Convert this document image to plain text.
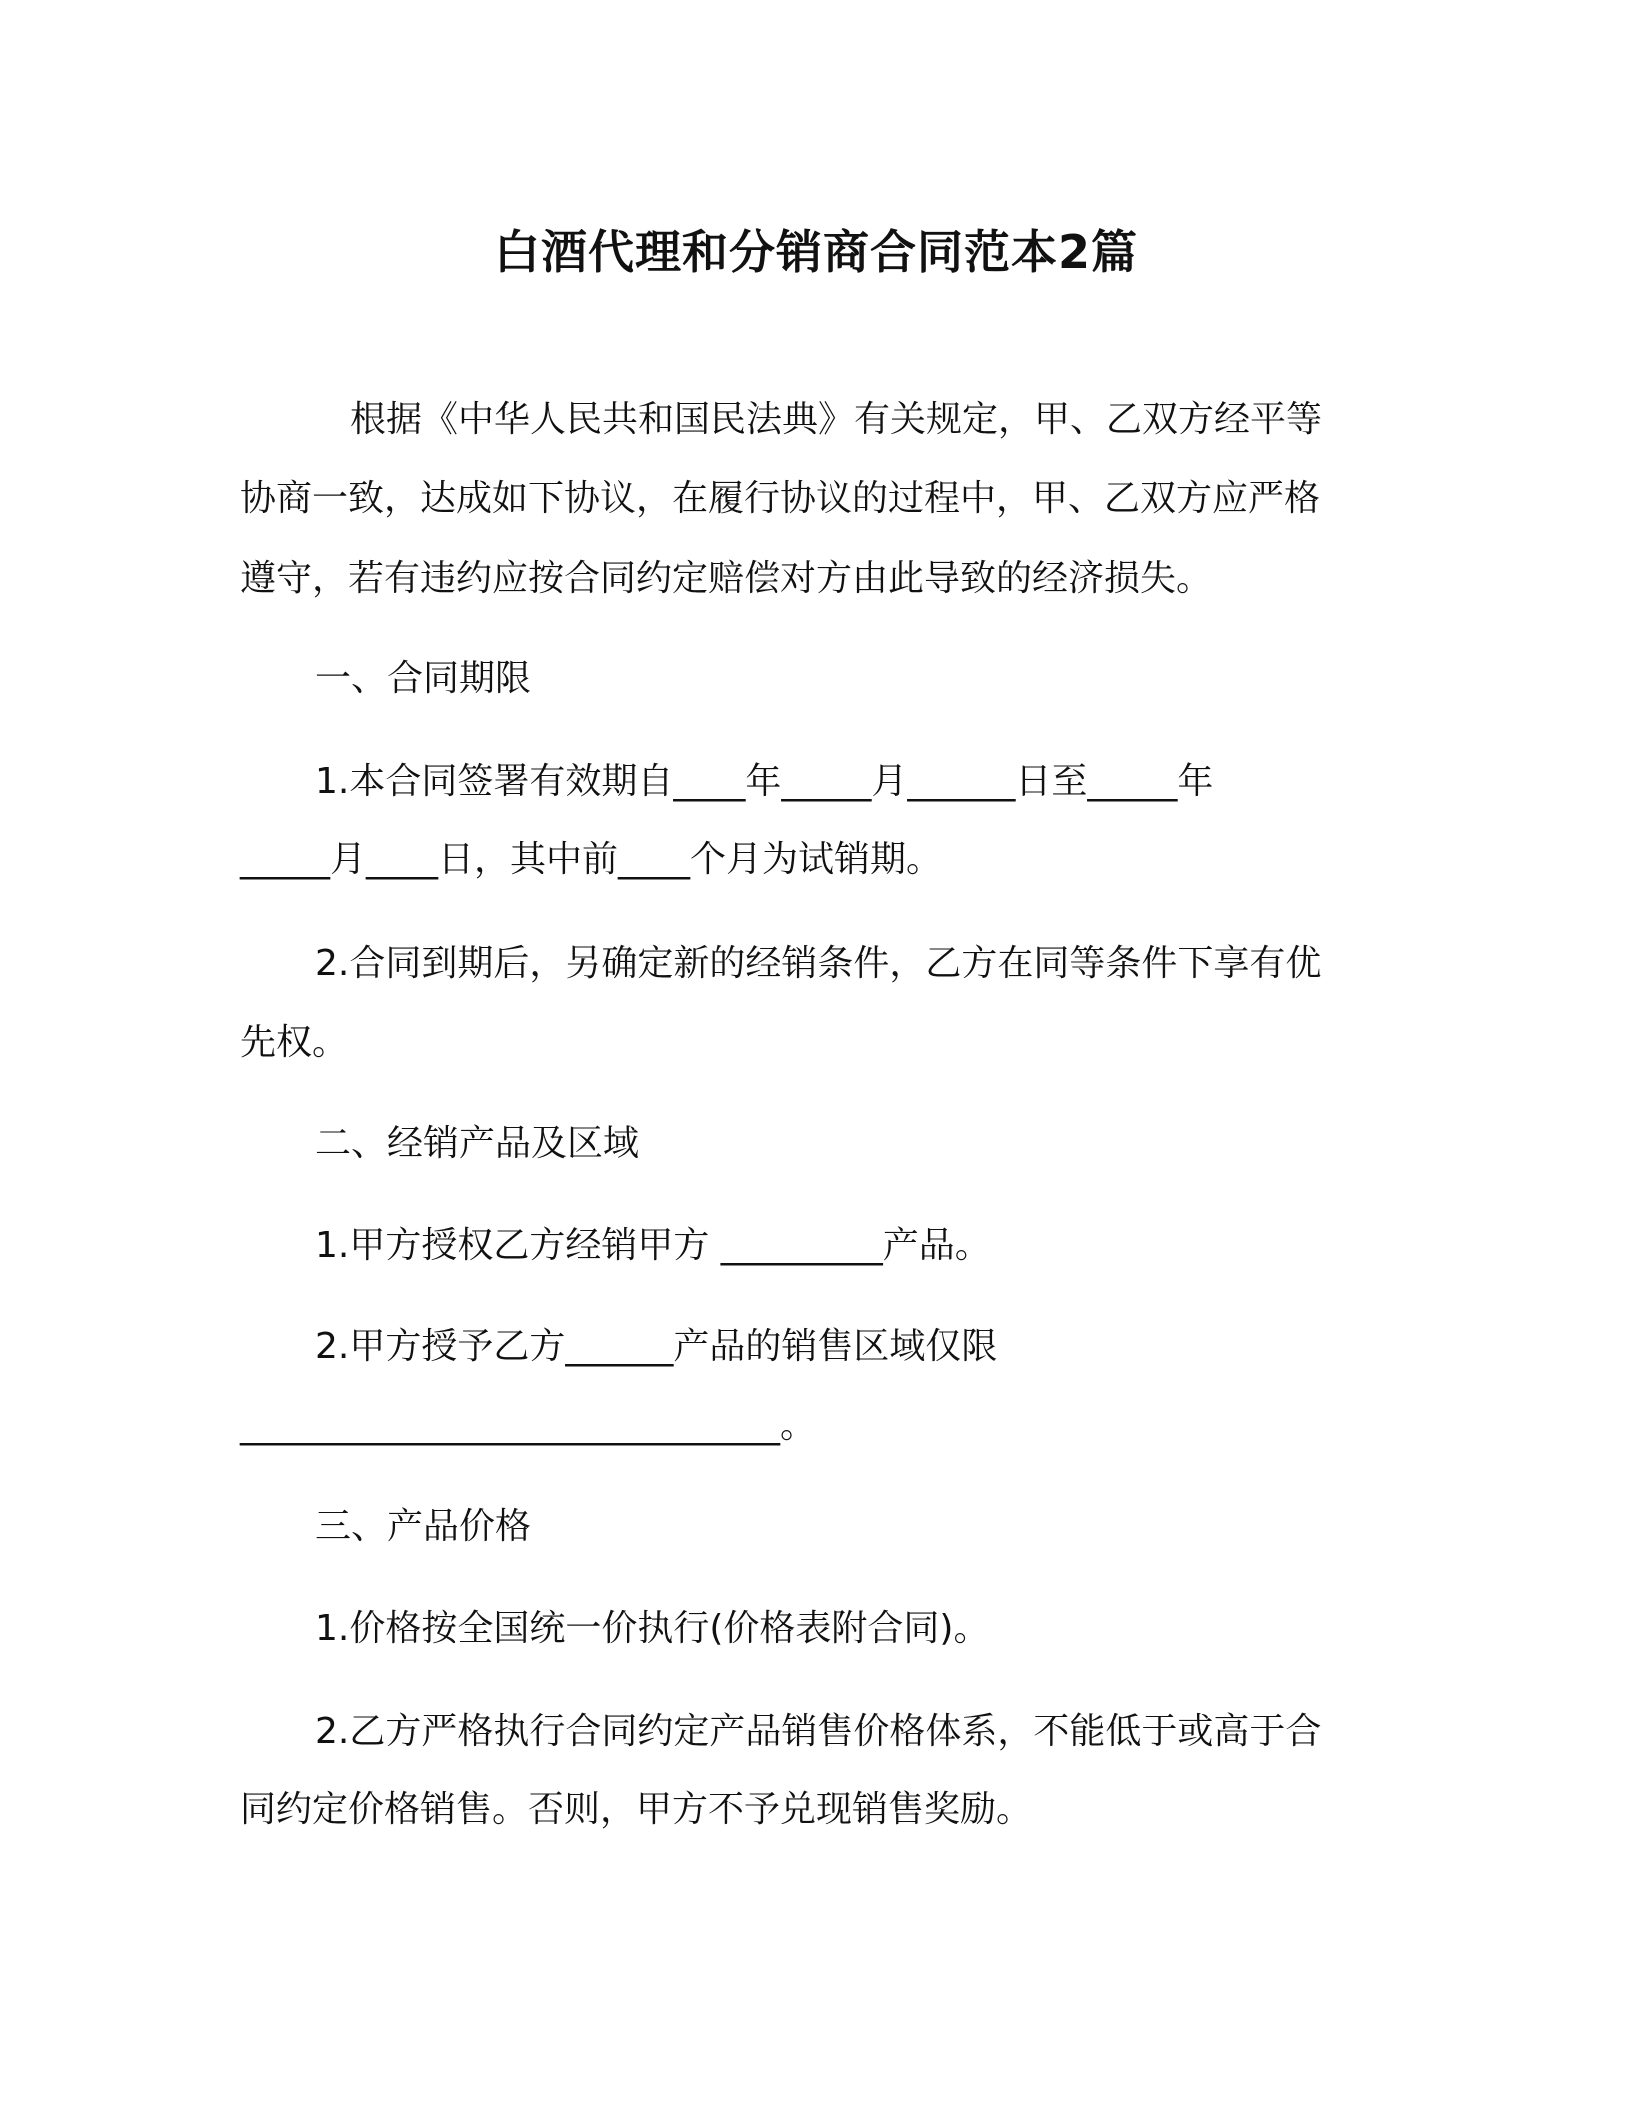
白酒代理和分销商合同范本2篇

根据《中华人民共和国民法典》有关规定，甲、乙双方经平等

协商一致，达成如下协议，在履行协议的过程中，甲、乙双方应严格

遵守，若有违约应按合同约定赔偿对方由此导致的经济损失。

一、合同期限

1.本合同签署有效期自____年_____月______日至_____年

_____月____日，其中前____个月为试销期。

2.合同到期后，另确定新的经销条件，乙方在同等条件下享有优

先权。

二、经销产品及区域

1.甲方授权乙方经销甲方 _________产品。

2.甲方授予乙方______产品的销售区域仅限

______________________________。

三、产品价格

1.价格按全国统一价执行(价格表附合同)。

2.乙方严格执行合同约定产品销售价格体系，不能低于或高于合

同约定价格销售。否则，甲方不予兑现销售奖励。
